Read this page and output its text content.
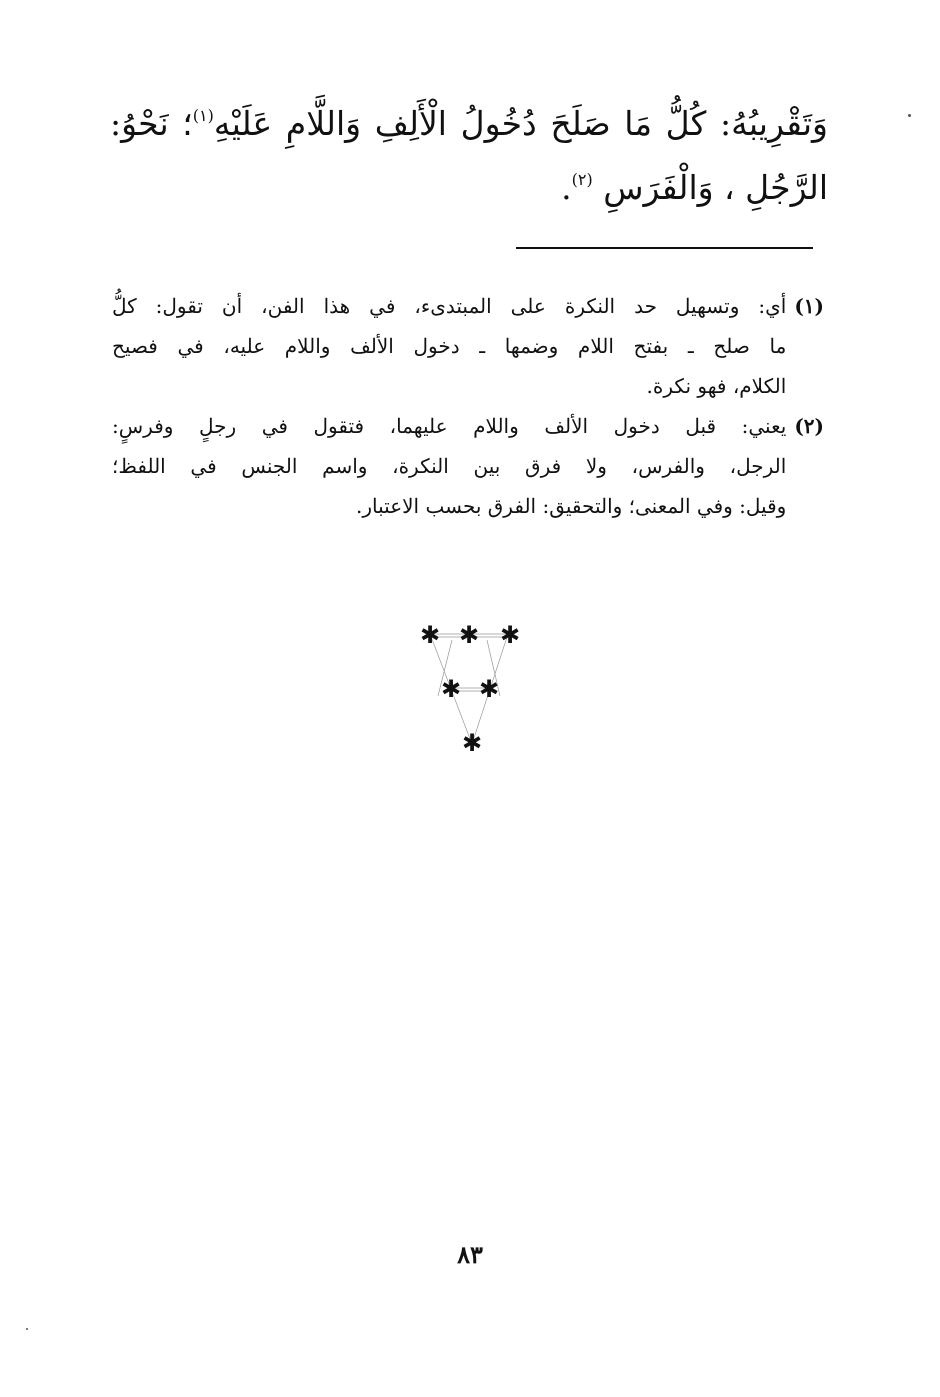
وَتَقْرِيبُهُ: كُلُّ مَا صَلَحَ دُخُولُ الْأَلِفِ وَاللَّامِ عَلَيْهِ$^{(١)}$؛ نَحْوُ:

الرَّجُلِ ، وَالْفَرَسِ $^{(٢)}$.

(١)
أي: وتسهيل حد النكرة على المبتدىء، في هذا الفن، أن تقول: كلُّ
ما صلح ـ بفتح اللام وضمها ـ دخول الألف واللام عليه، في فصيح
الكلام، فهو نكرة.
(٢)
يعني: قبل دخول الألف واللام عليهما، فتقول في رجلٍ وفرسٍ:
الرجل، والفرس، ولا فرق بين النكرة، واسم الجنس في اللفظ؛
وقيل: وفي المعنى؛ والتحقيق: الفرق بحسب الاعتبار.
✱ ✱ ✱
✱ ✱
✱
٨٣
